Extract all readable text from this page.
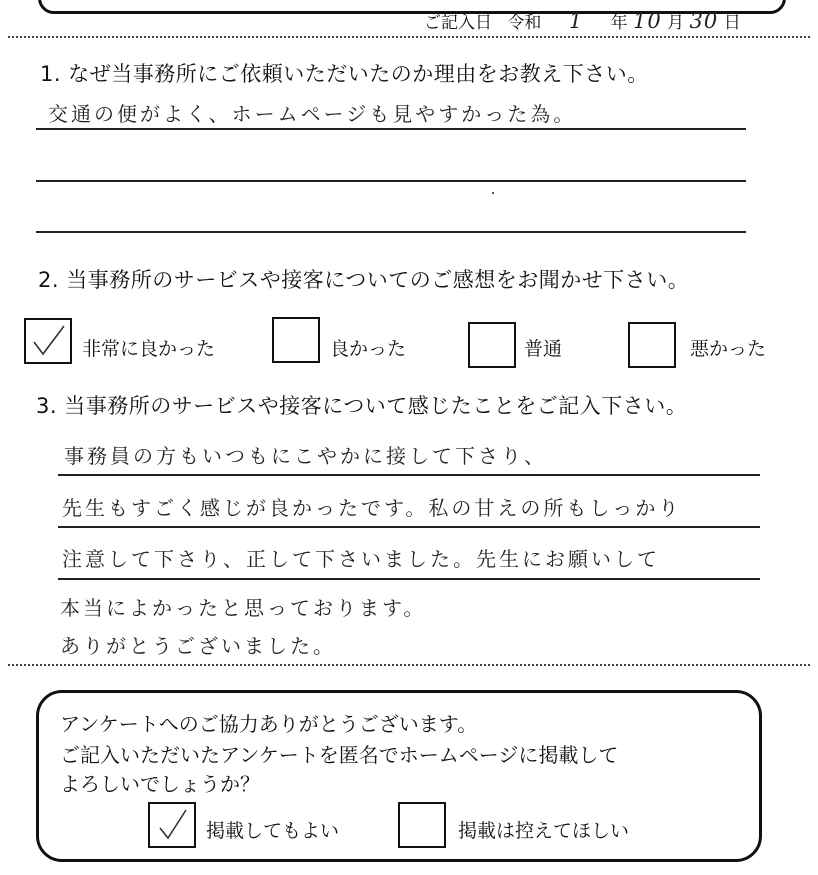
ご記入日 令和 1 年 10 月 30 日
1. なぜ当事務所にご依頼いただいたのか理由をお教え下さい。
交通の便がよく、ホームページも見やすかった為。
2. 当事務所のサービスや接客についてのご感想をお聞かせ下さい。
非常に良かった	良かった	普通	悪かった
3. 当事務所のサービスや接客について感じたことをご記入下さい。
事務員の方もいつもにこやかに接して下さり、
先生もすごく感じが良かったです。私の甘えの所もしっかり
注意して下さり、正して下さいました。先生にお願いして
本当によかったと思っております。
ありがとうございました。
アンケートへのご協力ありがとうございます。
ご記入いただいたアンケートを匿名でホームページに掲載して
よろしいでしょうか？
掲載してもよい	掲載は控えてほしい
